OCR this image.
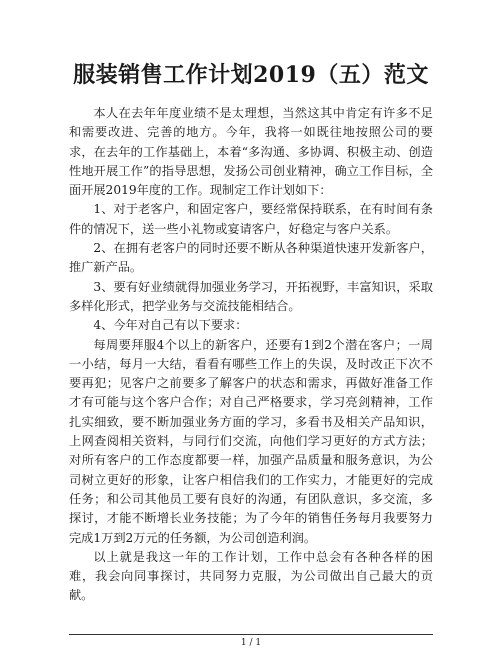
服装销售工作计划2019（五）范文

本人在去年年度业绩不是太理想，当然这其中肯定有许多不足和需要改进、完善的地方。今年，我将一如既往地按照公司的要求，在去年的工作基础上，本着“多沟通、多协调、积极主动、创造性地开展工作”的指导思想，发扬公司创业精神，确立工作目标，全面开展2019年度的工作。现制定工作计划如下：

1、对于老客户，和固定客户，要经常保持联系，在有时间有条件的情况下，送一些小礼物或宴请客户，好稳定与客户关系。

2、在拥有老客户的同时还要不断从各种渠道快速开发新客户，推广新产品。

3、要有好业绩就得加强业务学习，开拓视野，丰富知识，采取多样化形式，把学业务与交流技能相结合。

4、今年对自己有以下要求：

每周要拜服4个以上的新客户，还要有1到2个潜在客户；一周一小结，每月一大结，看看有哪些工作上的失误，及时改正下次不要再犯；见客户之前要多了解客户的状态和需求，再做好准备工作才有可能与这个客户合作；对自己严格要求，学习亮剑精神，工作扎实细致，要不断加强业务方面的学习，多看书及相关产品知识，上网查阅相关资料，与同行们交流，向他们学习更好的方式方法；对所有客户的工作态度都要一样，加强产品质量和服务意识，为公司树立更好的形象，让客户相信我们的工作实力，才能更好的完成任务；和公司其他员工要有良好的沟通，有团队意识，多交流，多探讨，才能不断增长业务技能；为了今年的销售任务每月我要努力完成1万到2万元的任务额，为公司创造利润。

以上就是我这一年的工作计划，工作中总会有各种各样的困难，我会向同事探讨，共同努力克服，为公司做出自己最大的贡献。

1 / 1
